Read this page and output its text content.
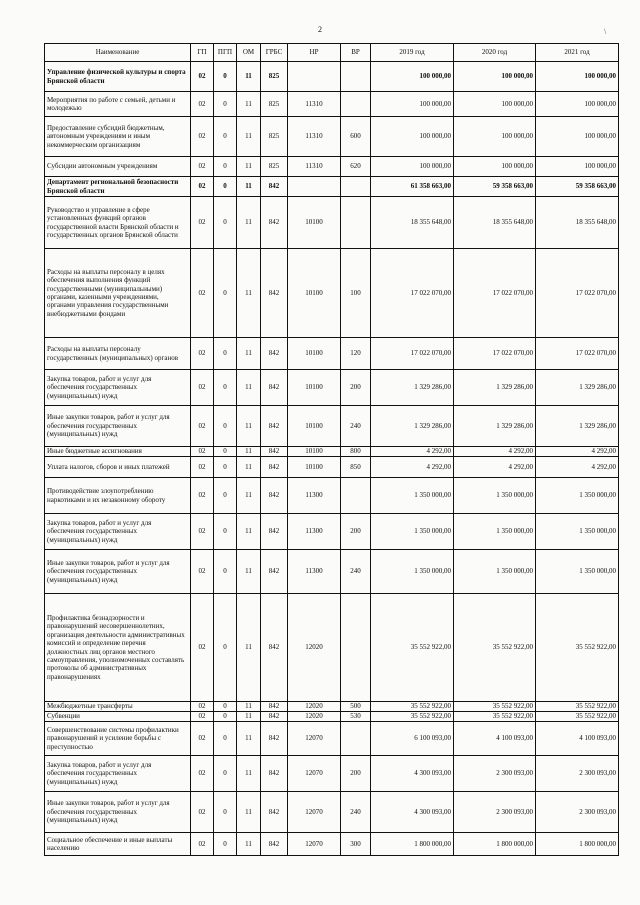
2	\
Наименование	ГП	ПГП	ОМ	ГРБС	НР	ВР	2019 год	2020 год	2021 год
Управление физической культуры и спорта Брянской области	02	0	11	825			100 000,00	100 000,00	100 000,00
Мероприятия по работе с семьей, детьми и молодежью	02	0	11	825	11310		100 000,00	100 000,00	100 000,00
Предоставление субсидий бюджетным, автономным учреждениям и иным некоммерческим организациям	02	0	11	825	11310	600	100 000,00	100 000,00	100 000,00
Субсидии автономным учреждениям	02	0	11	825	11310	620	100 000,00	100 000,00	100 000,00
Департамент региональной безопасности Брянской области	02	0	11	842			61 358 663,00	59 358 663,00	59 358 663,00
Руководство и управление в сфере установленных функций органов государственной власти Брянской области и государственных органов Брянской области	02	0	11	842	10100		18 355 648,00	18 355 648,00	18 355 648,00
Расходы на выплаты персоналу в целях обеспечения выполнения функций государственными (муниципальными) органами, казенными учреждениями, органами управления государственными внебюджетными фондами	02	0	11	842	10100	100	17 022 070,00	17 022 070,00	17 022 070,00
Расходы на выплаты персоналу государственных (муниципальных) органов	02	0	11	842	10100	120	17 022 070,00	17 022 070,00	17 022 070,00
Закупка товаров, работ и услуг для обеспечения государственных (муниципальных) нужд	02	0	11	842	10100	200	1 329 286,00	1 329 286,00	1 329 286,00
Иные закупки товаров, работ и услуг для обеспечения государственных (муниципальных) нужд	02	0	11	842	10100	240	1 329 286,00	1 329 286,00	1 329 286,00
Иные бюджетные ассигнования	02	0	11	842	10100	800	4 292,00	4 292,00	4 292,00
Уплата налогов, сборов и иных платежей	02	0	11	842	10100	850	4 292,00	4 292,00	4 292,00
Противодействие злоупотреблению наркотиками и их незаконному обороту	02	0	11	842	11300		1 350 000,00	1 350 000,00	1 350 000,00
Закупка товаров, работ и услуг для обеспечения государственных (муниципальных) нужд	02	0	11	842	11300	200	1 350 000,00	1 350 000,00	1 350 000,00
Иные закупки товаров, работ и услуг для обеспечения государственных (муниципальных) нужд	02	0	11	842	11300	240	1 350 000,00	1 350 000,00	1 350 000,00
Профилактика безнадзорности и правонарушений несовершеннолетних, организация деятельности административных комиссий и определение перечня должностных лиц органов местного самоуправления, уполномоченных составлять протоколы об административных правонарушениях	02	0	11	842	12020		35 552 922,00	35 552 922,00	35 552 922,00
Межбюджетные трансферты	02	0	11	842	12020	500	35 552 922,00	35 552 922,00	35 552 922,00
Субвенции	02	0	11	842	12020	530	35 552 922,00	35 552 922,00	35 552 922,00
Совершенствование системы профилактики правонарушений и усиление борьбы с преступностью	02	0	11	842	12070		6 100 093,00	4 100 093,00	4 100 093,00
Закупка товаров, работ и услуг для обеспечения государственных (муниципальных) нужд	02	0	11	842	12070	200	4 300 093,00	2 300 093,00	2 300 093,00
Иные закупки товаров, работ и услуг для обеспечения государственных (муниципальных) нужд	02	0	11	842	12070	240	4 300 093,00	2 300 093,00	2 300 093,00
Социальное обеспечение и иные выплаты населению	02	0	11	842	12070	300	1 800 000,00	1 800 000,00	1 800 000,00
